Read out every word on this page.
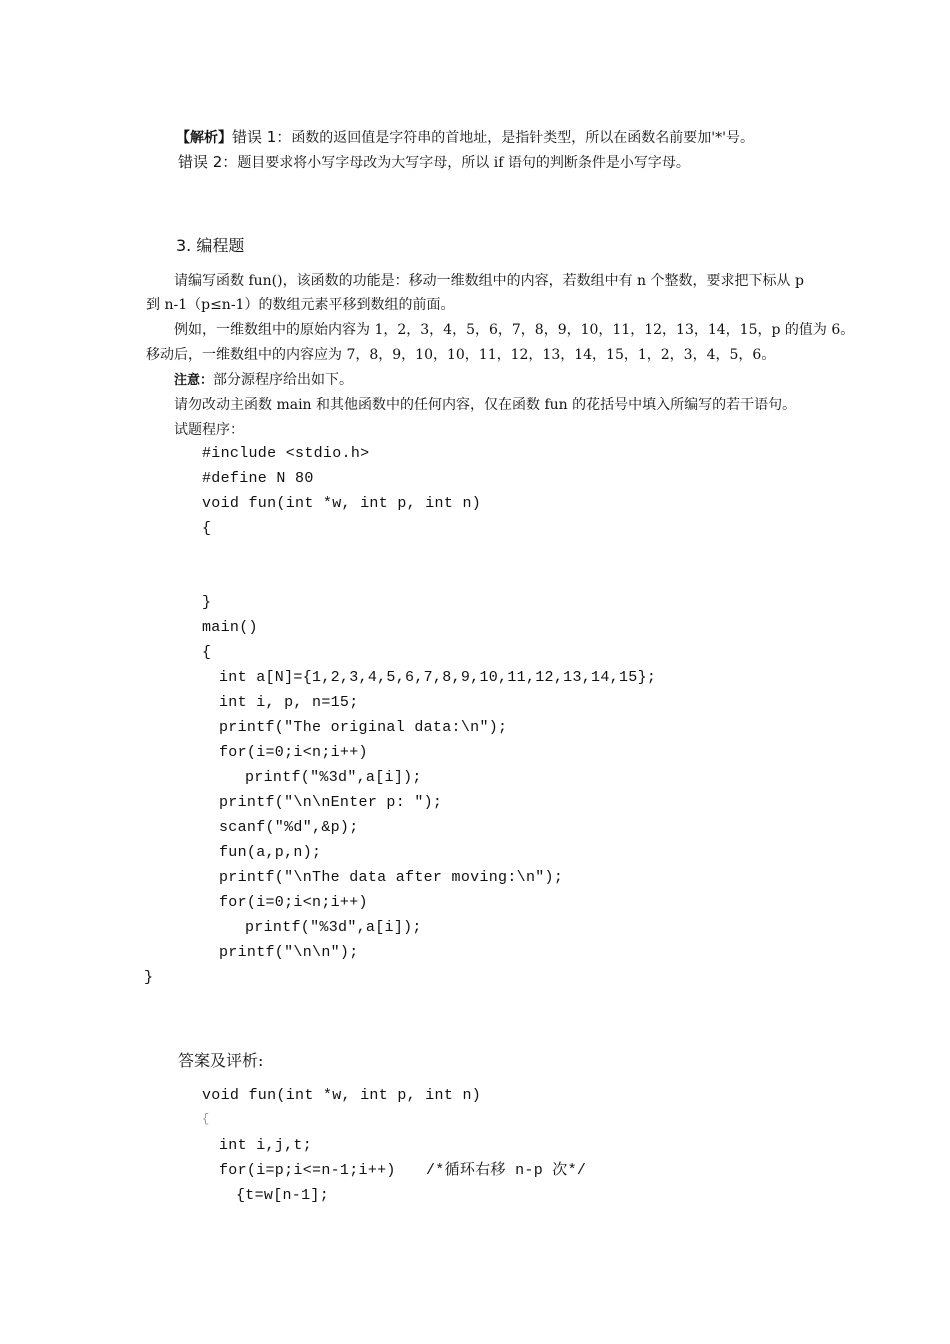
【解析】错误 1：函数的返回值是字符串的首地址，是指针类型，所以在函数名前要加'*'号。
错误 2：题目要求将小写字母改为大写字母，所以 if 语句的判断条件是小写字母。
3. 编程题
请编写函数 fun()，该函数的功能是：移动一维数组中的内容，若数组中有 n 个整数，要求把下标从 p
到 n-1（p≤n-1）的数组元素平移到数组的前面。
例如，一维数组中的原始内容为 1，2，3，4，5，6，7，8，9，10，11，12，13，14，15，p 的值为 6。
移动后，一维数组中的内容应为 7，8，9，10，10，11，12，13，14，15，1，2，3，4，5，6。
注意：部分源程序给出如下。
请勿改动主函数 main 和其他函数中的任何内容，仅在函数 fun 的花括号中填入所编写的若干语句。
试题程序：
#include <stdio.h>
#define N 80
void fun(int *w, int p, int n)
{
}
main()
{
int a[N]={1,2,3,4,5,6,7,8,9,10,11,12,13,14,15};
int i, p, n=15;
printf("The original data:\n");
for(i=0;i<n;i++)
printf("%3d",a[i]);
printf("\n\nEnter p: ");
scanf("%d",&p);
fun(a,p,n);
printf("\nThe data after moving:\n");
for(i=0;i<n;i++)
printf("%3d",a[i]);
printf("\n\n");
}
答案及评析:
void fun(int *w, int p, int n)
{
int i,j,t;
for(i=p;i<=n-1;i++) /*循环右移 n-p 次*/
{t=w[n-1];
